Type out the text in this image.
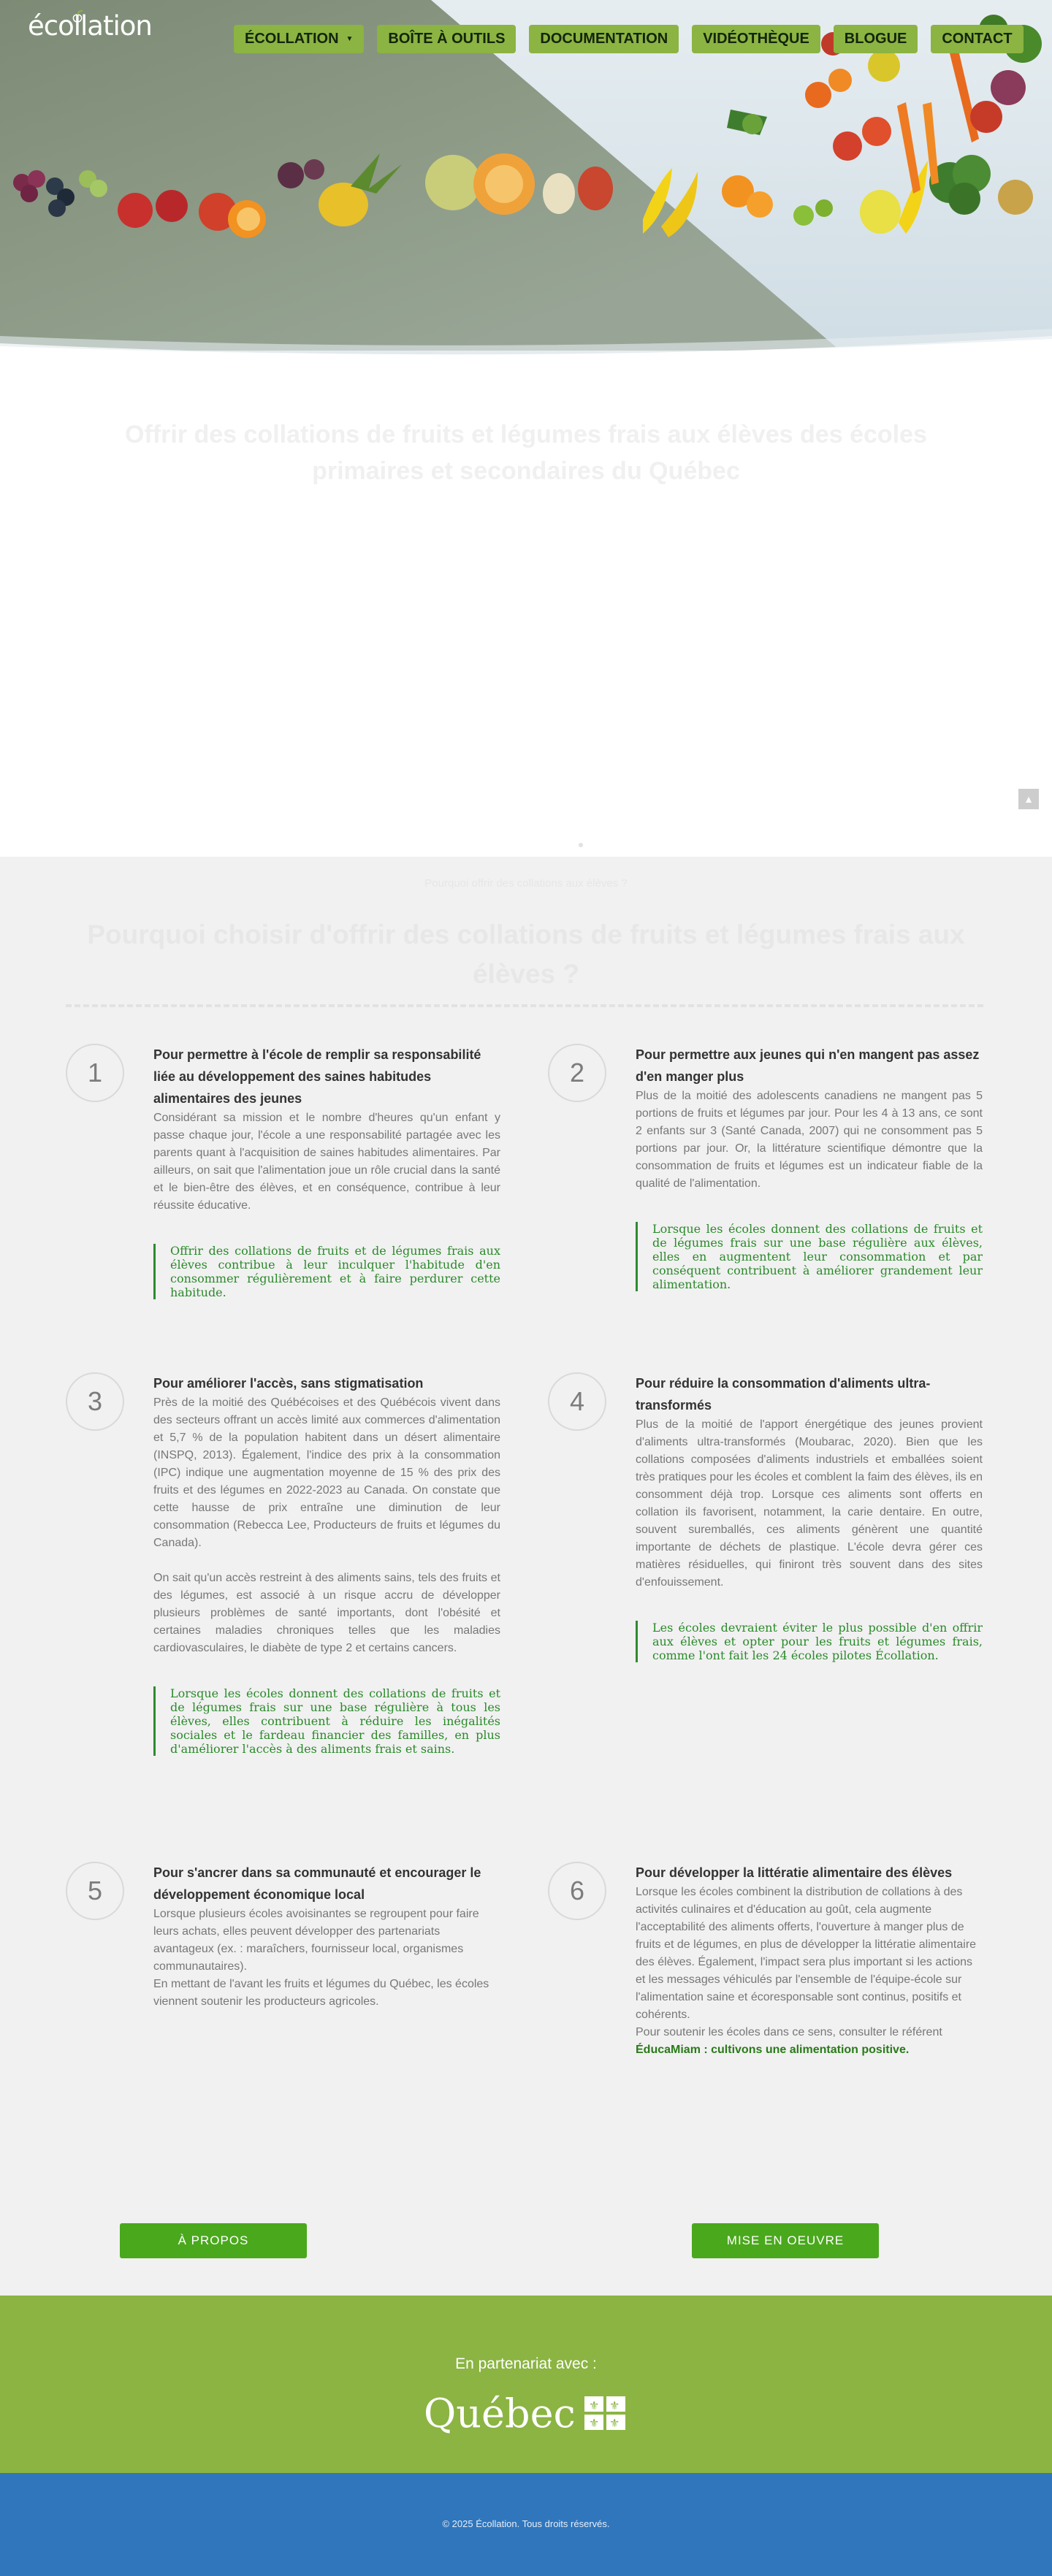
écollation	ÉCOLLATION ▼ BOÎTE À OUTILS DOCUMENTATION VIDÉOTHÈQUE BLOGUE CONTACT
Offrir des collations de fruits et légumes frais aux élèves des écoles primaires et secondaires du Québec
▲
Pourquoi offrir des collations aux élèves ?
Pourquoi choisir d'offrir des collations de fruits et légumes frais aux élèves ?
1
Pour permettre à l'école de remplir sa responsabilité liée au développement des saines habitudes alimentaires des jeunes
Considérant sa mission et le nombre d'heures qu'un enfant y passe chaque jour, l'école a une responsabilité partagée avec les parents quant à l'acquisition de saines habitudes alimentaires. Par ailleurs, on sait que l'alimentation joue un rôle crucial dans la santé et le bien-être des élèves, et en conséquence, contribue à leur réussite éducative.
Offrir des collations de fruits et de légumes frais aux élèves contribue à leur inculquer l'habitude d'en consommer régulièrement et à faire perdurer cette habitude.
2
Pour permettre aux jeunes qui n'en mangent pas assez d'en manger plus
Plus de la moitié des adolescents canadiens ne mangent pas 5 portions de fruits et légumes par jour. Pour les 4 à 13 ans, ce sont 2 enfants sur 3 (Santé Canada, 2007) qui ne consomment pas 5 portions par jour. Or, la littérature scientifique démontre que la consommation de fruits et légumes est un indicateur fiable de la qualité de l'alimentation.
Lorsque les écoles donnent des collations de fruits et de légumes frais sur une base régulière aux élèves, elles en augmentent leur consommation et par conséquent contribuent à améliorer grandement leur alimentation.
3
Pour améliorer l'accès, sans stigmatisation
Près de la moitié des Québécoises et des Québécois vivent dans des secteurs offrant un accès limité aux commerces d'alimentation et 5,7 % de la population habitent dans un désert alimentaire (INSPQ, 2013). Également, l'indice des prix à la consommation (IPC) indique une augmentation moyenne de 15 % des prix des fruits et des légumes en 2022-2023 au Canada. On constate que cette hausse de prix entraîne une diminution de leur consommation (Rebecca Lee, Producteurs de fruits et légumes du Canada).
On sait qu'un accès restreint à des aliments sains, tels des fruits et des légumes, est associé à un risque accru de développer plusieurs problèmes de santé importants, dont l'obésité et certaines maladies chroniques telles que les maladies cardiovasculaires, le diabète de type 2 et certains cancers.
Lorsque les écoles donnent des collations de fruits et de légumes frais sur une base régulière à tous les élèves, elles contribuent à réduire les inégalités sociales et le fardeau financier des familles, en plus d'améliorer l'accès à des aliments frais et sains.
4
Pour réduire la consommation d'aliments ultra-transformés
Plus de la moitié de l'apport énergétique des jeunes provient d'aliments ultra-transformés (Moubarac, 2020). Bien que les collations composées d'aliments industriels et emballées soient très pratiques pour les écoles et comblent la faim des élèves, ils en consomment déjà trop. Lorsque ces aliments sont offerts en collation ils favorisent, notamment, la carie dentaire. En outre, souvent suremballés, ces aliments génèrent une quantité importante de déchets de plastique. L'école devra gérer ces matières résiduelles, qui finiront très souvent dans des sites d'enfouissement.
Les écoles devraient éviter le plus possible d'en offrir aux élèves et opter pour les fruits et légumes frais, comme l'ont fait les 24 écoles pilotes Écollation.
5
Pour s'ancrer dans sa communauté et encourager le développement économique local
Lorsque plusieurs écoles avoisinantes se regroupent pour faire leurs achats, elles peuvent développer des partenariats avantageux (ex. : maraîchers, fournisseur local, organismes communautaires).
En mettant de l'avant les fruits et légumes du Québec, les écoles viennent soutenir les producteurs agricoles.
6
Pour développer la littératie alimentaire des élèves
Lorsque les écoles combinent la distribution de collations à des activités culinaires et d'éducation au goût, cela augmente l'acceptabilité des aliments offerts, l'ouverture à manger plus de fruits et de légumes, en plus de développer la littératie alimentaire des élèves. Également, l'impact sera plus important si les actions et les messages véhiculés par l'ensemble de l'équipe-école sur l'alimentation saine et écoresponsable sont continus, positifs et cohérents.
Pour soutenir les écoles dans ce sens, consulter le référent
ÉducaMiam : cultivons une alimentation positive.
À PROPOS	MISE EN OEUVRE
En partenariat avec :
Québec ⚜ ⚜
⚜ ⚜
© 2025 Écollation. Tous droits réservés.
